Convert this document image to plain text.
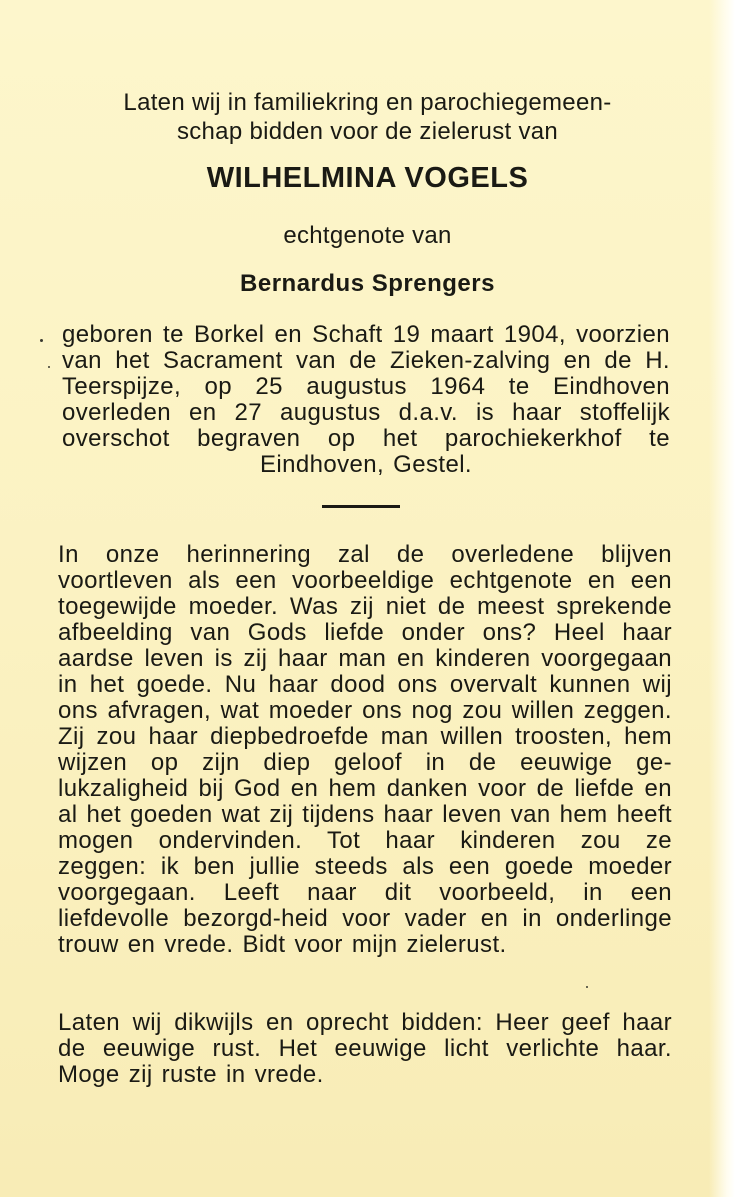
Laten wij in familiekring en parochiegemeen-
schap bidden voor de zielerust van
WILHELMINA VOGELS
echtgenote van
Bernardus Sprengers
geboren te Borkel en Schaft 19 maart 1904, voorzien van het Sacrament van de Zieken-zalving en de H. Teerspijze, op 25 augustus 1964 te Eindhoven overleden en 27 augustus d.a.v. is haar stoffelijk overschot begraven op het parochiekerkhof te Eindhoven, Gestel.
In onze herinnering zal de overledene blijven voortleven als een voorbeeldige echtgenote en een toegewijde moeder. Was zij niet de meest sprekende afbeelding van Gods liefde onder ons? Heel haar aardse leven is zij haar man en kinderen voorgegaan in het goede. Nu haar dood ons overvalt kunnen wij ons afvragen, wat moeder ons nog zou willen zeggen. Zij zou haar diepbedroefde man willen troosten, hem wijzen op zijn diep geloof in de eeuwige ge-lukzaligheid bij God en hem danken voor de liefde en al het goeden wat zij tijdens haar leven van hem heeft mogen ondervinden. Tot haar kinderen zou ze zeggen: ik ben jullie steeds als een goede moeder voorgegaan. Leeft naar dit voorbeeld, in een liefdevolle bezorgd-heid voor vader en in onderlinge trouw en vrede. Bidt voor mijn zielerust.
Laten wij dikwijls en oprecht bidden: Heer geef haar de eeuwige rust. Het eeuwige licht verlichte haar. Moge zij ruste in vrede.
